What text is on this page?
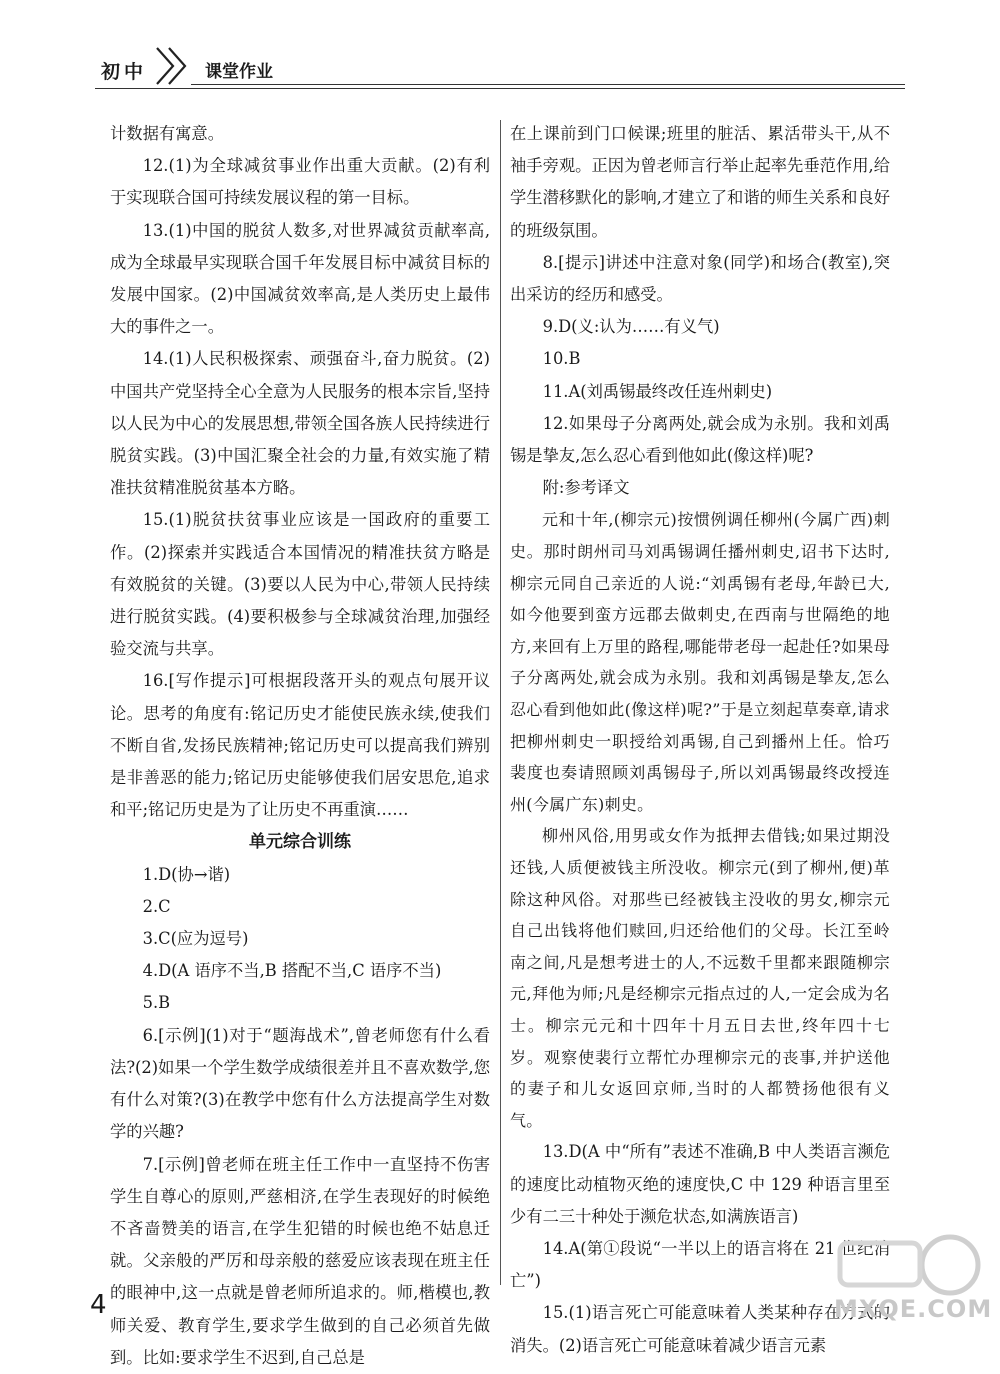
初中	课堂作业

计数据有寓意。

12.(1)为全球减贫事业作出重大贡献。(2)有利于实现联合国可持续发展议程的第一目标。

13.(1)中国的脱贫人数多,对世界减贫贡献率高,成为全球最早实现联合国千年发展目标中减贫目标的发展中国家。(2)中国减贫效率高,是人类历史上最伟大的事件之一。

14.(1)人民积极探索、顽强奋斗,奋力脱贫。(2)中国共产党坚持全心全意为人民服务的根本宗旨,坚持以人民为中心的发展思想,带领全国各族人民持续进行脱贫实践。(3)中国汇聚全社会的力量,有效实施了精准扶贫精准脱贫基本方略。

15.(1)脱贫扶贫事业应该是一国政府的重要工作。(2)探索并实践适合本国情况的精准扶贫方略是有效脱贫的关键。(3)要以人民为中心,带领人民持续进行脱贫实践。(4)要积极参与全球减贫治理,加强经验交流与共享。

16.[写作提示]可根据段落开头的观点句展开议论。思考的角度有:铭记历史才能使民族永续,使我们不断自省,发扬民族精神;铭记历史可以提高我们辨别是非善恶的能力;铭记历史能够使我们居安思危,追求和平;铭记历史是为了让历史不再重演……

单元综合训练

1.D(协→谐)

2.C

3.C(应为逗号)

4.D(A 语序不当,B 搭配不当,C 语序不当)

5.B

6.[示例](1)对于“题海战术”,曾老师您有什么看法?(2)如果一个学生数学成绩很差并且不喜欢数学,您有什么对策?(3)在教学中您有什么方法提高学生对数学的兴趣?

7.[示例]曾老师在班主任工作中一直坚持不伤害学生自尊心的原则,严慈相济,在学生表现好的时候绝不吝啬赞美的语言,在学生犯错的时候也绝不姑息迁就。父亲般的严厉和母亲般的慈爱应该表现在班主任的眼神中,这一点就是曾老师所追求的。师,楷模也,教师关爱、教育学生,要求学生做到的自己必须首先做到。比如:要求学生不迟到,自己总是

在上课前到门口候课;班里的脏活、累活带头干,从不袖手旁观。正因为曾老师言行举止起率先垂范作用,给学生潜移默化的影响,才建立了和谐的师生关系和良好的班级氛围。

8.[提示]讲述中注意对象(同学)和场合(教室),突出采访的经历和感受。

9.D(义:认为……有义气)

10.B

11.A(刘禹锡最终改任连州刺史)

12.如果母子分离两处,就会成为永别。我和刘禹锡是挚友,怎么忍心看到他如此(像这样)呢?

附:参考译文

元和十年,(柳宗元)按惯例调任柳州(今属广西)刺史。那时朗州司马刘禹锡调任播州刺史,诏书下达时,柳宗元同自己亲近的人说:“刘禹锡有老母,年龄已大,如今他要到蛮方远郡去做刺史,在西南与世隔绝的地方,来回有上万里的路程,哪能带老母一起赴任?如果母子分离两处,就会成为永别。我和刘禹锡是挚友,怎么忍心看到他如此(像这样)呢?”于是立刻起草奏章,请求把柳州刺史一职授给刘禹锡,自己到播州上任。恰巧裴度也奏请照顾刘禹锡母子,所以刘禹锡最终改授连州(今属广东)刺史。

柳州风俗,用男或女作为抵押去借钱;如果过期没还钱,人质便被钱主所没收。柳宗元(到了柳州,便)革除这种风俗。对那些已经被钱主没收的男女,柳宗元自己出钱将他们赎回,归还给他们的父母。长江至岭南之间,凡是想考进士的人,不远数千里都来跟随柳宗元,拜他为师;凡是经柳宗元指点过的人,一定会成为名士。柳宗元元和十四年十月五日去世,终年四十七岁。观察使裴行立帮忙办理柳宗元的丧事,并护送他的妻子和儿女返回京师,当时的人都赞扬他很有义气。

13.D(A 中“所有”表述不准确,B 中人类语言濒危的速度比动植物灭绝的速度快,C 中 129 种语言里至少有二三十种处于濒危状态,如满族语言)

14.A(第①段说“一半以上的语言将在 21 世纪消亡”)

15.(1)语言死亡可能意味着人类某种存在方式的消失。(2)语言死亡可能意味着减少语言元素

4	MXQE.COM
